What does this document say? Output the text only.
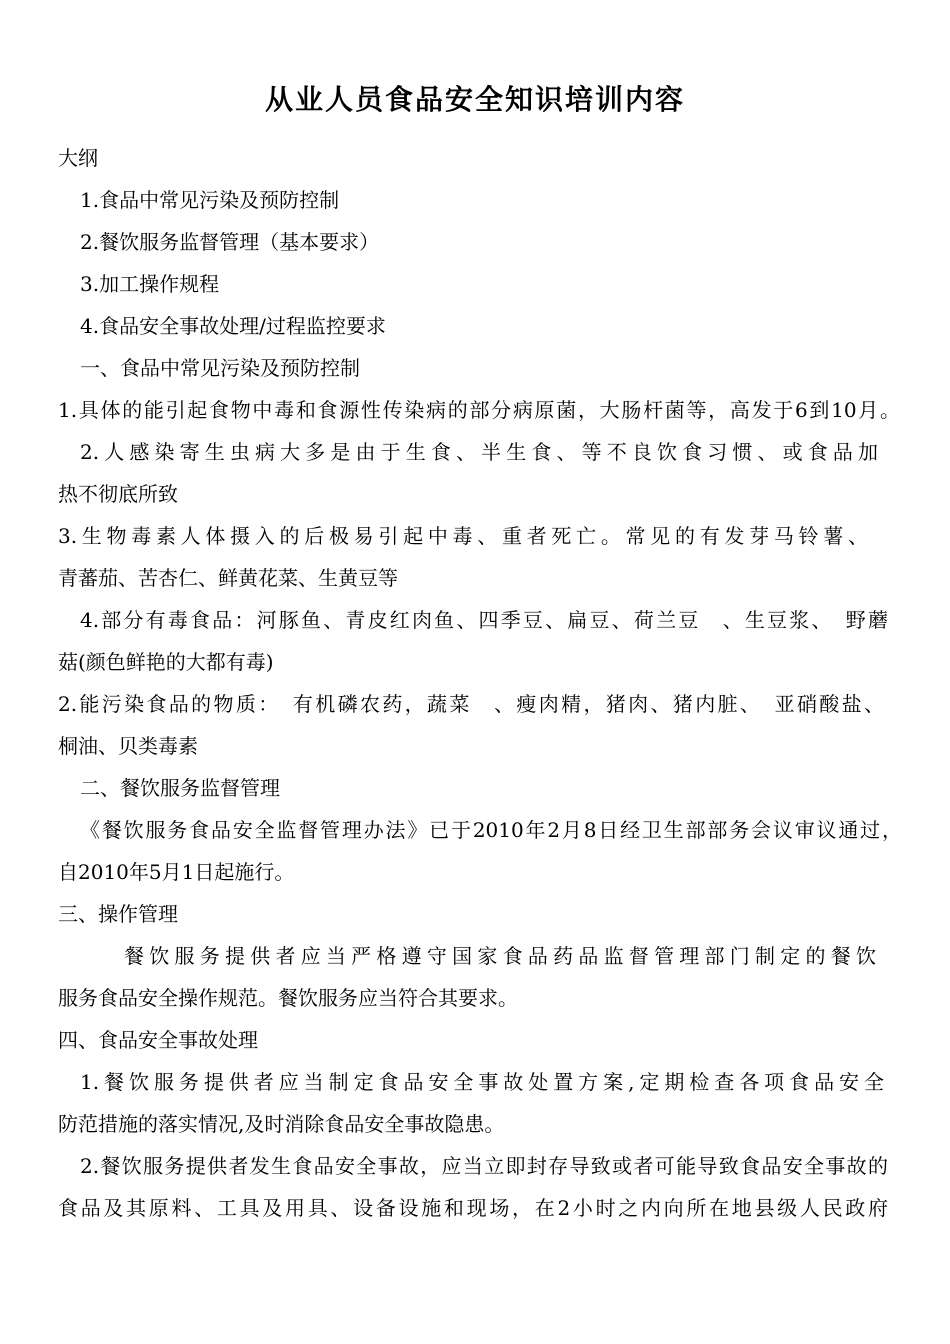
从业人员食品安全知识培训内容
大纲
1.食品中常见污染及预防控制
2.餐饮服务监督管理（基本要求）
3.加工操作规程
4.食品安全事故处理/过程监控要求
一、食品中常见污染及预防控制
1.具体的能引起食物中毒和食源性传染病的部分病原菌，大肠杆菌等，高发于6到10月。
2.人感染寄生虫病大多是由于生食、半生食、等不良饮食习惯、或食品加
热不彻底所致
3.生物毒素人体摄入的后极易引起中毒、重者死亡。常见的有发芽马铃薯、
青蕃茄、苦杏仁、鲜黄花菜、生黄豆等
4.部分有毒食品：河豚鱼、青皮红肉鱼、四季豆、扁豆、荷兰豆　、生豆浆、　野蘑
菇(颜色鲜艳的大都有毒)
2.能污染食品的物质：　有机磷农药，蔬菜　、瘦肉精，猪肉、猪内脏、　亚硝酸盐、
桐油、贝类毒素
二、餐饮服务监督管理
《餐饮服务食品安全监督管理办法》已于2010年2月8日经卫生部部务会议审议通过，
自2010年5月1日起施行。
三、操作管理
餐饮服务提供者应当严格遵守国家食品药品监督管理部门制定的餐饮
服务食品安全操作规范。餐饮服务应当符合其要求。
四、食品安全事故处理
1.餐饮服务提供者应当制定食品安全事故处置方案,定期检查各项食品安全
防范措施的落实情况,及时消除食品安全事故隐患。
2.餐饮服务提供者发生食品安全事故，应当立即封存导致或者可能导致食品安全事故的
食品及其原料、工具及用具、设备设施和现场，在2小时之内向所在地县级人民政府
